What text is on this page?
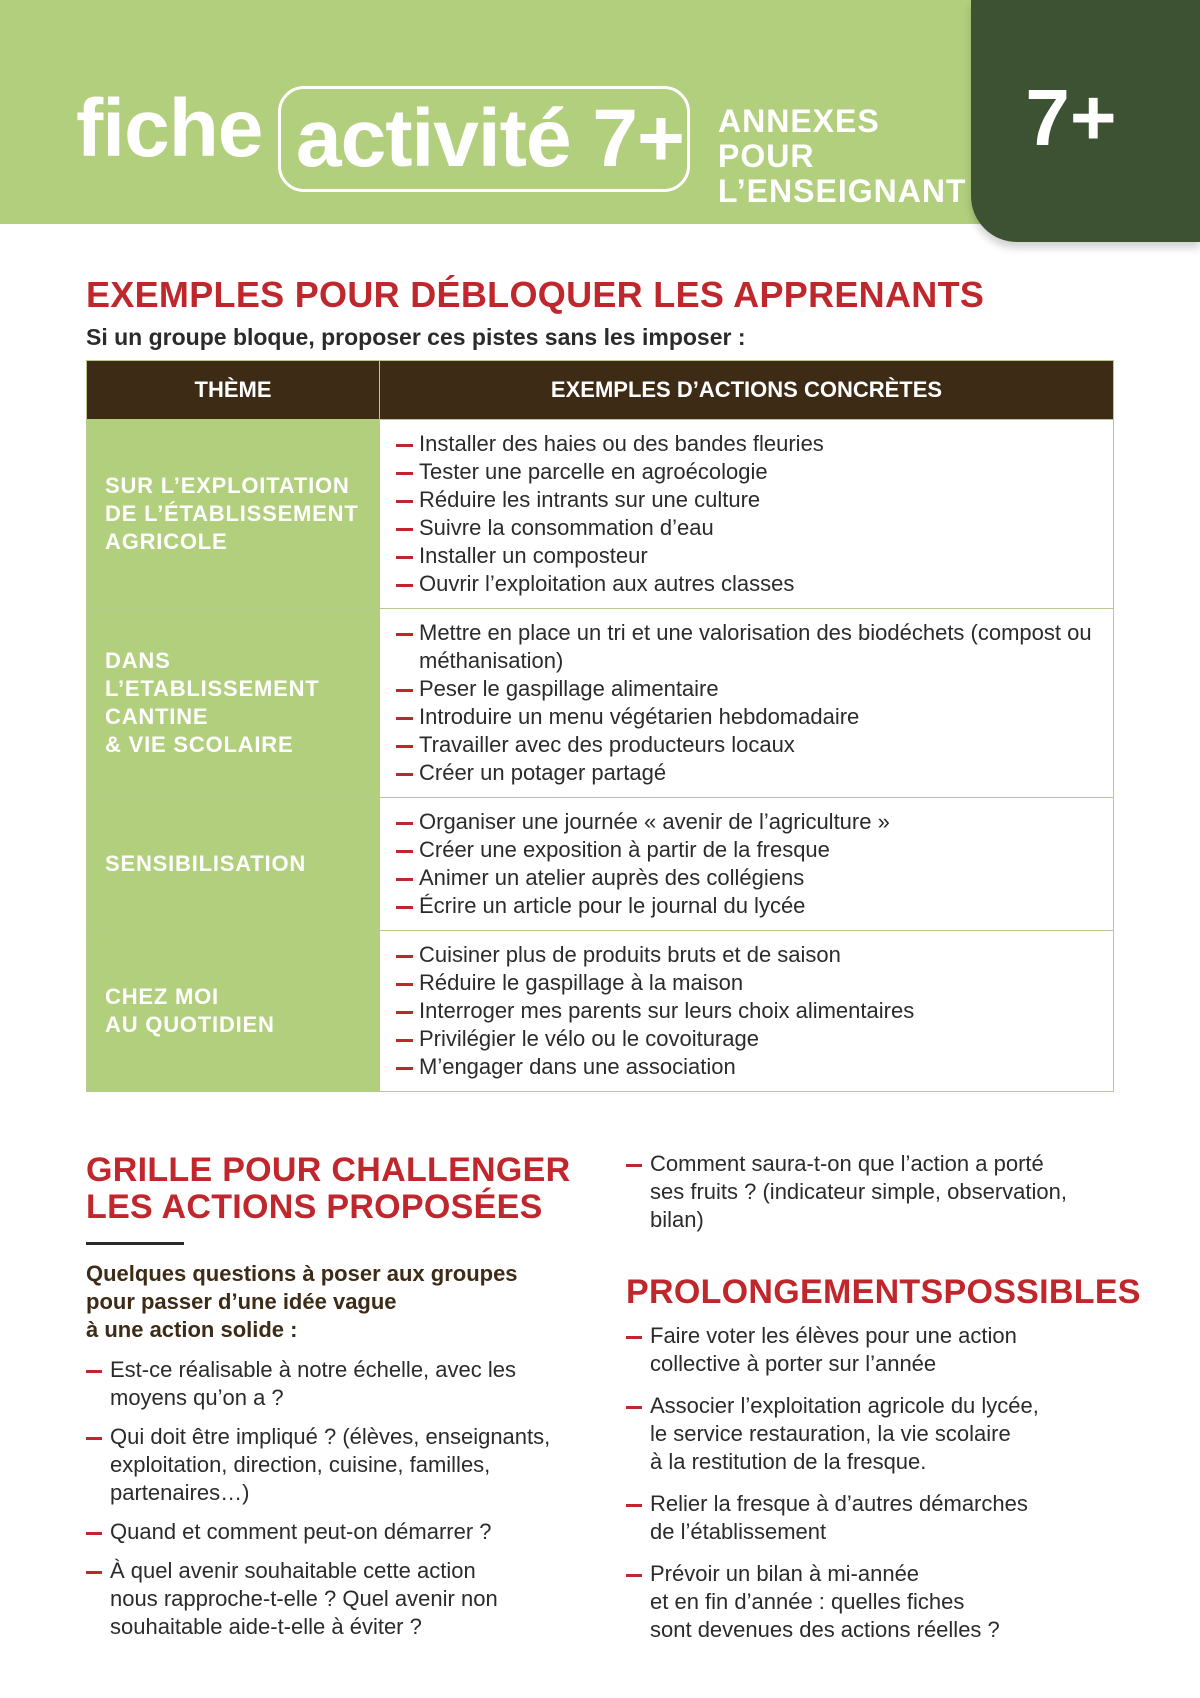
fiche activité 7+ ANNEXES POUR
L’ENSEIGNANT
7+
EXEMPLES POUR DÉBLOQUER LES APPRENANTS
Si un groupe bloque, proposer ces pistes sans les imposer :
THÈME	EXEMPLES D’ACTIONS CONCRÈTES
SUR L’EXPLOITATION
DE L’ÉTABLISSEMENT
AGRICOLE
Installer des haies ou des bandes fleuries
Tester une parcelle en agroécologie
Réduire les intrants sur une culture
Suivre la consommation d’eau
Installer un composteur
Ouvrir l’exploitation aux autres classes
DANS
L’ETABLISSEMENT
CANTINE
& VIE SCOLAIRE
Mettre en place un tri et une valorisation des biodéchets (compost ou méthanisation)
Peser le gaspillage alimentaire
Introduire un menu végétarien hebdomadaire
Travailler avec des producteurs locaux
Créer un potager partagé
SENSIBILISATION
Organiser une journée « avenir de l’agriculture »
Créer une exposition à partir de la fresque
Animer un atelier auprès des collégiens
Écrire un article pour le journal du lycée
CHEZ MOI
AU QUOTIDIEN
Cuisiner plus de produits bruts et de saison
Réduire le gaspillage à la maison
Interroger mes parents sur leurs choix alimentaires
Privilégier le vélo ou le covoiturage
M’engager dans une association
GRILLE POUR CHALLENGER
LES ACTIONS PROPOSÉES
Quelques questions à poser aux groupes
pour passer d’une idée vague
à une action solide :
Est-ce réalisable à notre échelle, avec les
moyens qu’on a ?
Qui doit être impliqué ? (élèves, enseignants,
exploitation, direction, cuisine, familles,
partenaires…)
Quand et comment peut-on démarrer ?
À quel avenir souhaitable cette action
nous rapproche-t-elle ? Quel avenir non
souhaitable aide-t-elle à éviter ?
Comment saura-t-on que l’action a porté
ses fruits ? (indicateur simple, observation,
bilan)
PROLONGEMENTSPOSSIBLES
Faire voter les élèves pour une action
collective à porter sur l’année
Associer l’exploitation agricole du lycée,
le service restauration, la vie scolaire
à la restitution de la fresque.
Relier la fresque à d’autres démarches
de l’établissement
Prévoir un bilan à mi-année
et en fin d’année : quelles fiches
sont devenues des actions réelles ?
